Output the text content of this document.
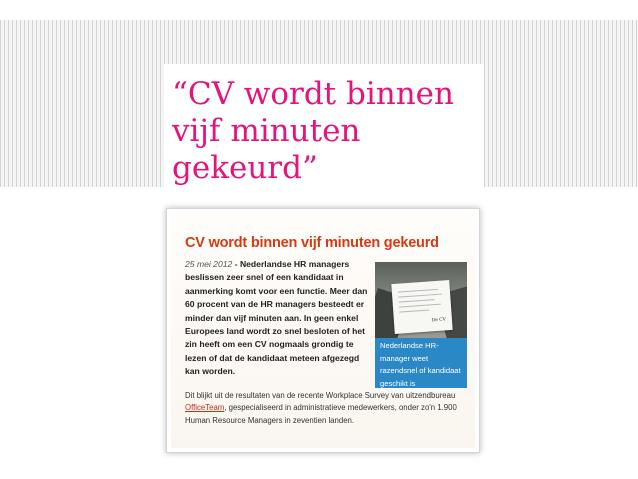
“CV wordt binnen vijf minuten gekeurd”
CV wordt binnen vijf minuten gekeurd
25 mei 2012 - Nederlandse HR managers beslissen zeer snel of een kandidaat in aanmerking komt voor een functie. Meer dan 60 procent van de HR managers besteedt er minder dan vijf minuten aan. In geen enkel Europees land wordt zo snel besloten of het zin heeft om een CV nogmaals grondig te lezen of dat de kandidaat meteen afgezegd kan worden.
De CV
Nederlandse HR-manager weet razendsnel of kandidaat geschikt is
Dit blijkt uit de resultaten van de recente Workplace Survey van uitzendbureau OfficeTeam, gespecialiseerd in administratieve medewerkers, onder zo'n 1.900 Human Resource Managers in zeventien landen.
